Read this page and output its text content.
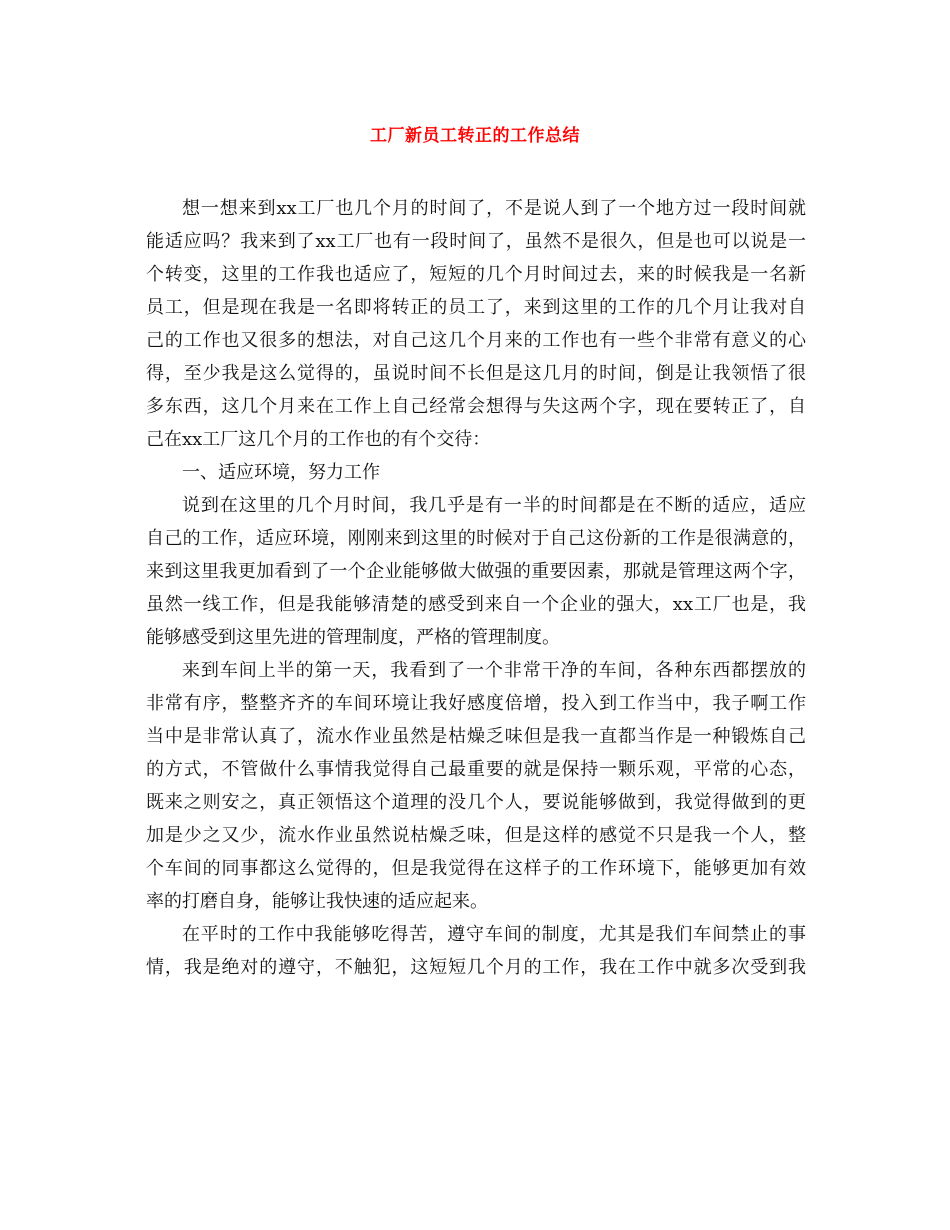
工厂新员工转正的工作总结
想一想来到xx工厂也几个月的时间了，不是说人到了一个地方过一段时间就
能适应吗？我来到了xx工厂也有一段时间了，虽然不是很久，但是也可以说是一
个转变，这里的工作我也适应了，短短的几个月时间过去，来的时候我是一名新
员工，但是现在我是一名即将转正的员工了，来到这里的工作的几个月让我对自
己的工作也又很多的想法，对自己这几个月来的工作也有一些个非常有意义的心
得，至少我是这么觉得的，虽说时间不长但是这几月的时间，倒是让我领悟了很
多东西，这几个月来在工作上自己经常会想得与失这两个字，现在要转正了，自
己在xx工厂这几个月的工作也的有个交待：
一、适应环境，努力工作
说到在这里的几个月时间，我几乎是有一半的时间都是在不断的适应，适应
自己的工作，适应环境，刚刚来到这里的时候对于自己这份新的工作是很满意的，
来到这里我更加看到了一个企业能够做大做强的重要因素，那就是管理这两个字，
虽然一线工作，但是我能够清楚的感受到来自一个企业的强大，xx工厂也是，我
能够感受到这里先进的管理制度，严格的管理制度。
来到车间上半的第一天，我看到了一个非常干净的车间，各种东西都摆放的
非常有序，整整齐齐的车间环境让我好感度倍增，投入到工作当中，我子啊工作
当中是非常认真了，流水作业虽然是枯燥乏味但是我一直都当作是一种锻炼自己
的方式，不管做什么事情我觉得自己最重要的就是保持一颗乐观，平常的心态，
既来之则安之，真正领悟这个道理的没几个人，要说能够做到，我觉得做到的更
加是少之又少，流水作业虽然说枯燥乏味，但是这样的感觉不只是我一个人，整
个车间的同事都这么觉得的，但是我觉得在这样子的工作环境下，能够更加有效
率的打磨自身，能够让我快速的适应起来。
在平时的工作中我能够吃得苦，遵守车间的制度，尤其是我们车间禁止的事
情，我是绝对的遵守，不触犯，这短短几个月的工作，我在工作中就多次受到我
